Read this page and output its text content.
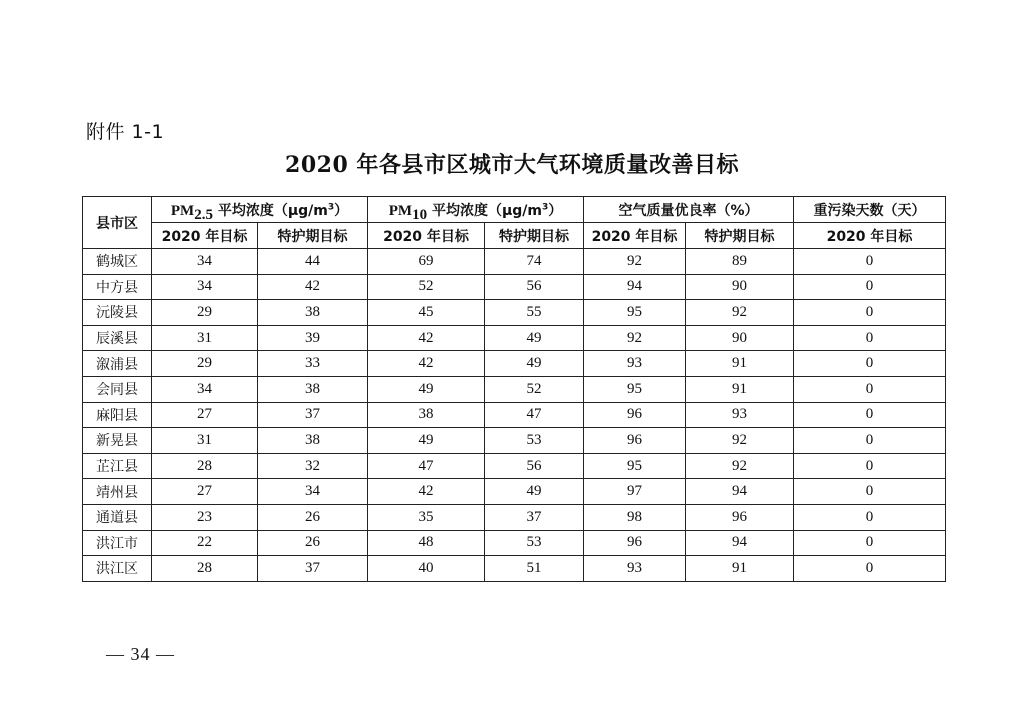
附件 1-1
2020 年各县市区城市大气环境质量改善目标
县市区	$PM_{2.5}$ 平均浓度$(\mu g/m^3)$		$PM_{10}$ 平均浓度$(\mu g/m^3)$		空气质量优良率（%）		重污染天数（天）
	2020 年目标	特护期目标	2020 年目标	特护期目标	2020 年目标	特护期目标	2020 年目标
鹤城区	34	44	69	74	92	89	0
中方县	34	42	52	56	94	90	0
沅陵县	29	38	45	55	95	92	0
辰溪县	31	39	42	49	92	90	0
溆浦县	29	33	42	49	93	91	0
会同县	34	38	49	52	95	91	0
麻阳县	27	37	38	47	96	93	0
新晃县	31	38	49	53	96	92	0
芷江县	28	32	47	56	95	92	0
靖州县	27	34	42	49	97	94	0
通道县	23	26	35	37	98	96	0
洪江市	22	26	48	53	96	94	0
洪江区	28	37	40	51	93	91	0
— 34 —
